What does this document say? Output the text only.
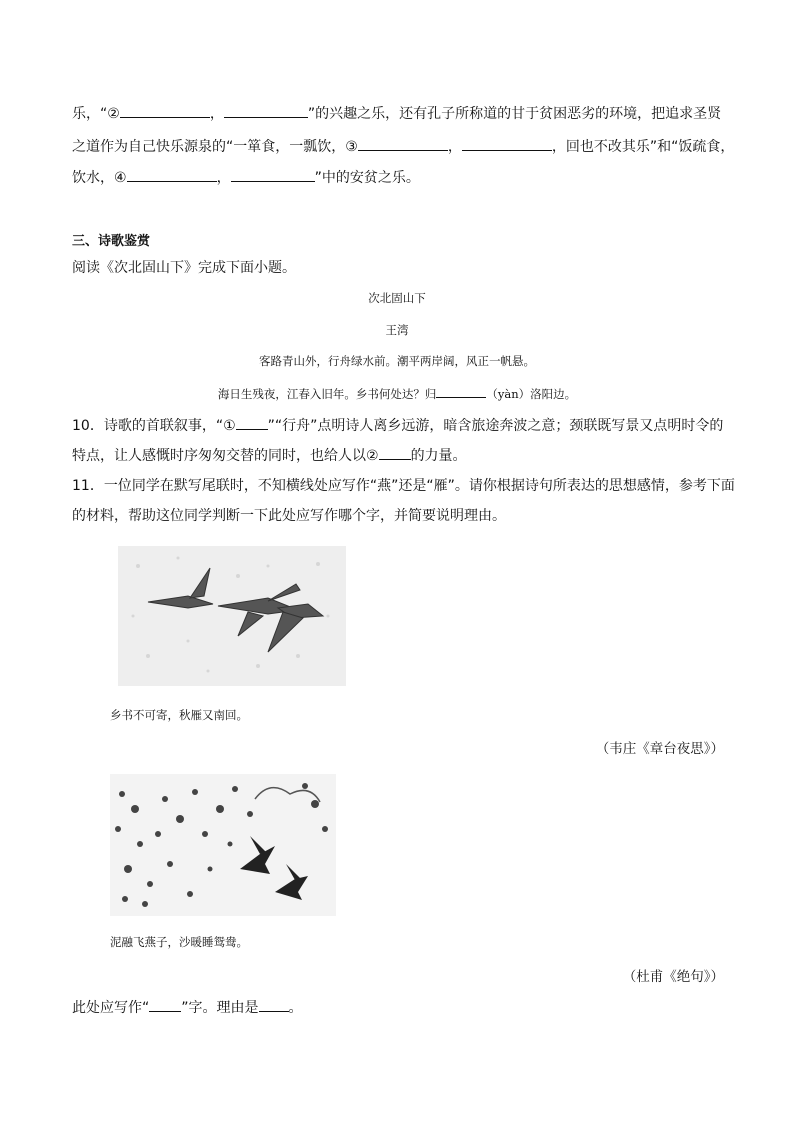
乐，“②	，	”的兴趣之乐，还有孔子所称道的甘于贫困恶劣的环境，把追求圣贤
之道作为自己快乐源泉的“一箪食，一瓢饮，③	，	，回也不改其乐”和“饭疏食，
饮水，④	，	”中的安贫之乐。
三、诗歌鉴赏
阅读《次北固山下》完成下面小题。
次北固山下
王湾
客路青山外，行舟绿水前。潮平两岸阔，风正一帆悬。
海日生残夜，江春入旧年。乡书何处达？归	（yàn）洛阳边。
10．诗歌的首联叙事，“① ”“行舟”点明诗人离乡远游，暗含旅途奔波之意；颈联既写景又点明时令的
特点，让人感慨时序匆匆交替的同时，也给人以② 的力量。
11．一位同学在默写尾联时，不知横线处应写作“燕”还是“雁”。请你根据诗句所表达的思想感情，参考下面
的材料，帮助这位同学判断一下此处应写作哪个字，并简要说明理由。
乡书不可寄，秋雁又南回。
（韦庄《章台夜思》）
泥融飞燕子，沙暖睡鸳鸯。
（杜甫《绝句》）
此处应写作“ ”字。理由是 。
